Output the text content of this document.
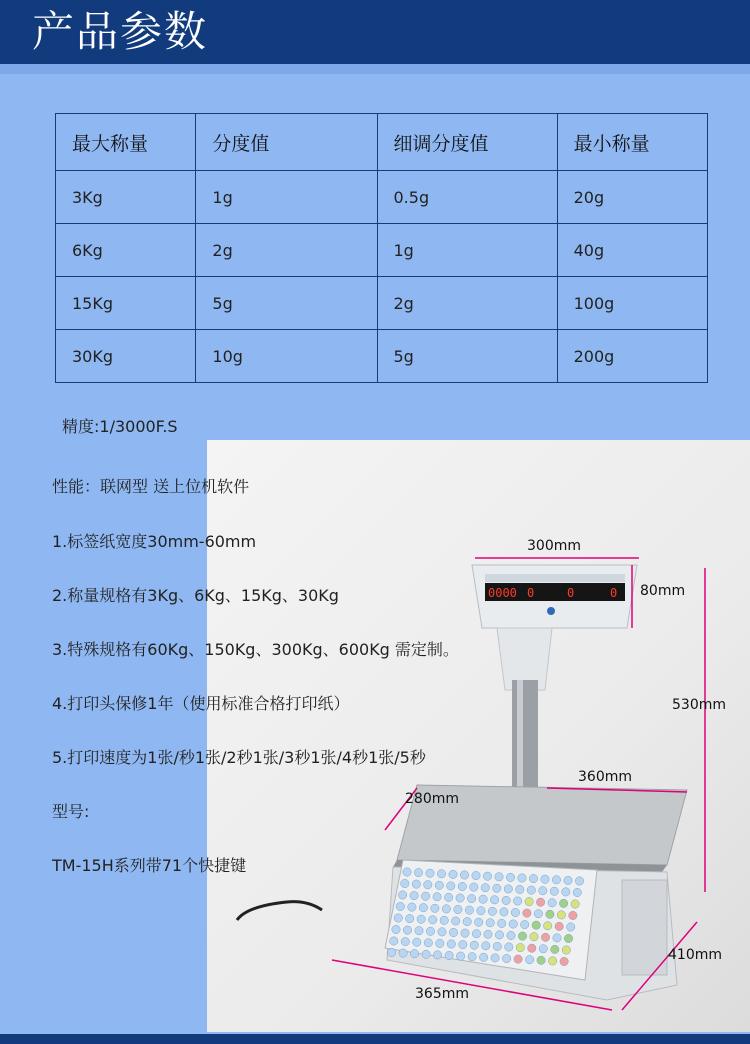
产品参数
最大称量	分度值	细调分度值	最小称量
3Kg	1g	0.5g	20g
6Kg	2g	1g	40g
15Kg	5g	2g	100g
30Kg	10g	5g	200g
精度:1/3000F.S
0000 0	0	0
性能：联网型 送上位机软件
1.标签纸宽度30mm-60mm
2.称量规格有3Kg、6Kg、15Kg、30Kg
3.特殊规格有60Kg、150Kg、300Kg、600Kg 需定制。
4.打印头保修1年（使用标准合格打印纸）
5.打印速度为1张/秒1张/2秒1张/3秒1张/4秒1张/5秒
型号:
TM-15H系列带71个快捷键
300mm
80mm
530mm
360mm
280mm
410mm
365mm
